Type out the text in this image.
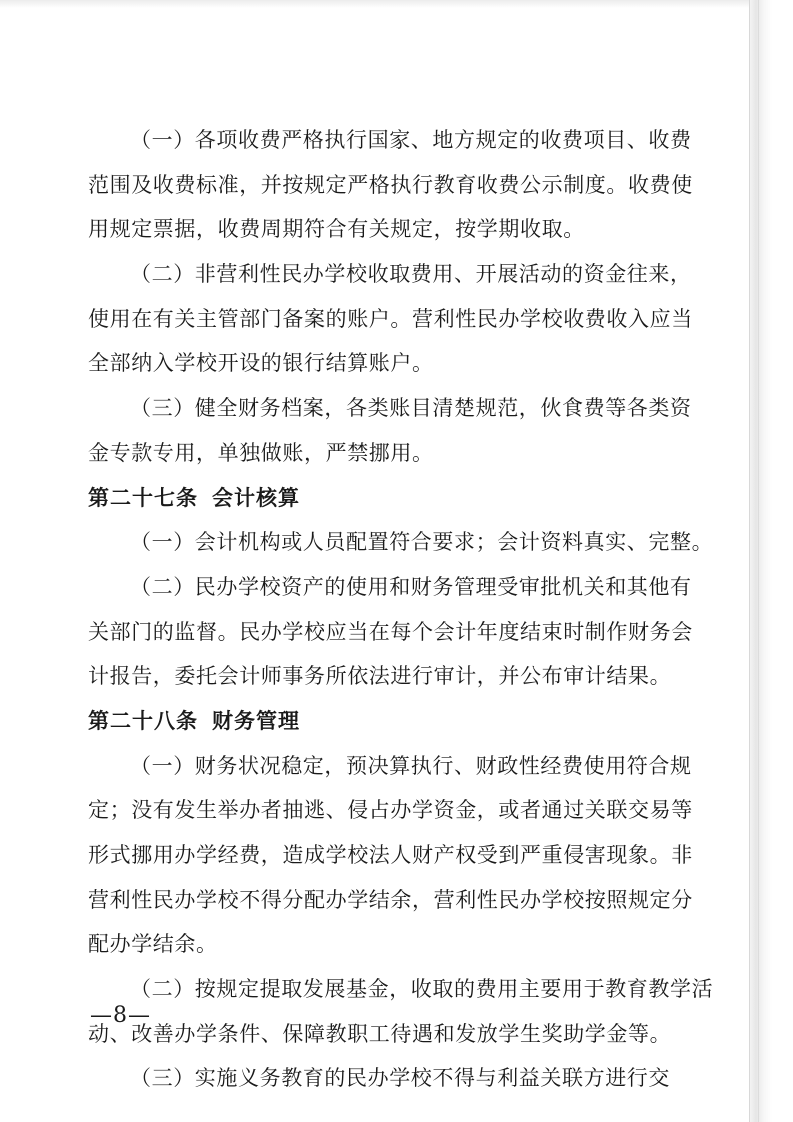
（一）各项收费严格执行国家、地方规定的收费项目、收费
范围及收费标准，并按规定严格执行教育收费公示制度。收费使
用规定票据，收费周期符合有关规定，按学期收取。
（二）非营利性民办学校收取费用、开展活动的资金往来，
使用在有关主管部门备案的账户。营利性民办学校收费收入应当
全部纳入学校开设的银行结算账户。
（三）健全财务档案，各类账目清楚规范，伙食费等各类资
金专款专用，单独做账，严禁挪用。
第二十七条 会计核算
（一）会计机构或人员配置符合要求；会计资料真实、完整。
（二）民办学校资产的使用和财务管理受审批机关和其他有
关部门的监督。民办学校应当在每个会计年度结束时制作财务会
计报告，委托会计师事务所依法进行审计，并公布审计结果。
第二十八条 财务管理
（一）财务状况稳定，预决算执行、财政性经费使用符合规
定；没有发生举办者抽逃、侵占办学资金，或者通过关联交易等
形式挪用办学经费，造成学校法人财产权受到严重侵害现象。非
营利性民办学校不得分配办学结余，营利性民办学校按照规定分
配办学结余。
（二）按规定提取发展基金，收取的费用主要用于教育教学活
动、改善办学条件、保障教职工待遇和发放学生奖助学金等。
（三）实施义务教育的民办学校不得与利益关联方进行交
—8—
